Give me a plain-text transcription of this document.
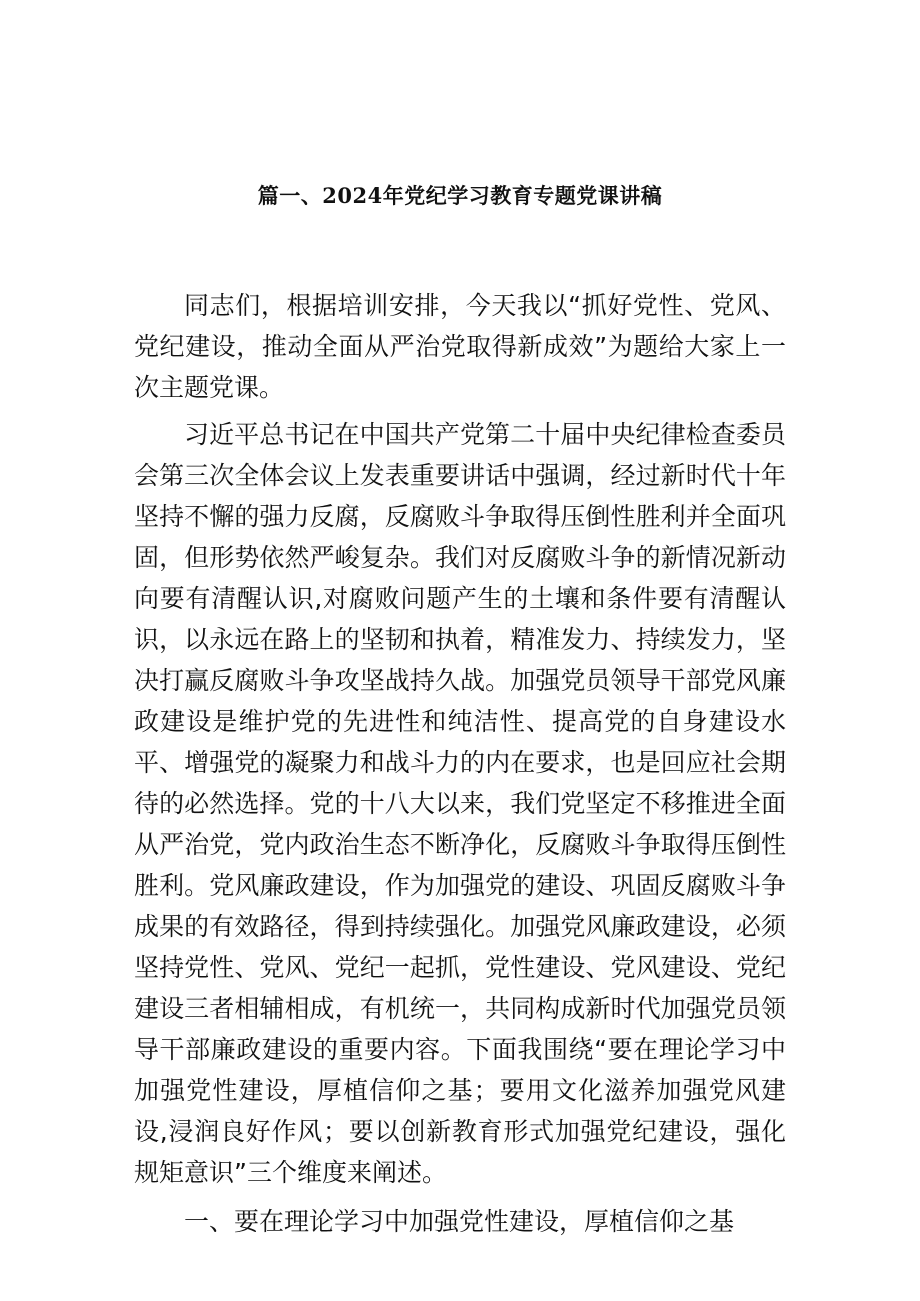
篇一、2024年党纪学习教育专题党课讲稿

同志们，根据培训安排，今天我以“抓好党性、党风、党纪建设，推动全面从严治党取得新成效”为题给大家上一次主题党课。

习近平总书记在中国共产党第二十届中央纪律检查委员会第三次全体会议上发表重要讲话中强调，经过新时代十年坚持不懈的强力反腐，反腐败斗争取得压倒性胜利并全面巩固，但形势依然严峻复杂。我们对反腐败斗争的新情况新动向要有清醒认识,对腐败问题产生的土壤和条件要有清醒认识，以永远在路上的坚韧和执着，精准发力、持续发力，坚决打赢反腐败斗争攻坚战持久战。加强党员领导干部党风廉政建设是维护党的先进性和纯洁性、提高党的自身建设水平、增强党的凝聚力和战斗力的内在要求，也是回应社会期待的必然选择。党的十八大以来，我们党坚定不移推进全面从严治党，党内政治生态不断净化，反腐败斗争取得压倒性胜利。党风廉政建设，作为加强党的建设、巩固反腐败斗争成果的有效路径，得到持续强化。加强党风廉政建设，必须坚持党性、党风、党纪一起抓，党性建设、党风建设、党纪建设三者相辅相成，有机统一，共同构成新时代加强党员领导干部廉政建设的重要内容。下面我围绕“要在理论学习中加强党性建设，厚植信仰之基；要用文化滋养加强党风建设,浸润良好作风；要以创新教育形式加强党纪建设，强化规矩意识”三个维度来阐述。

一、要在理论学习中加强党性建设，厚植信仰之基
